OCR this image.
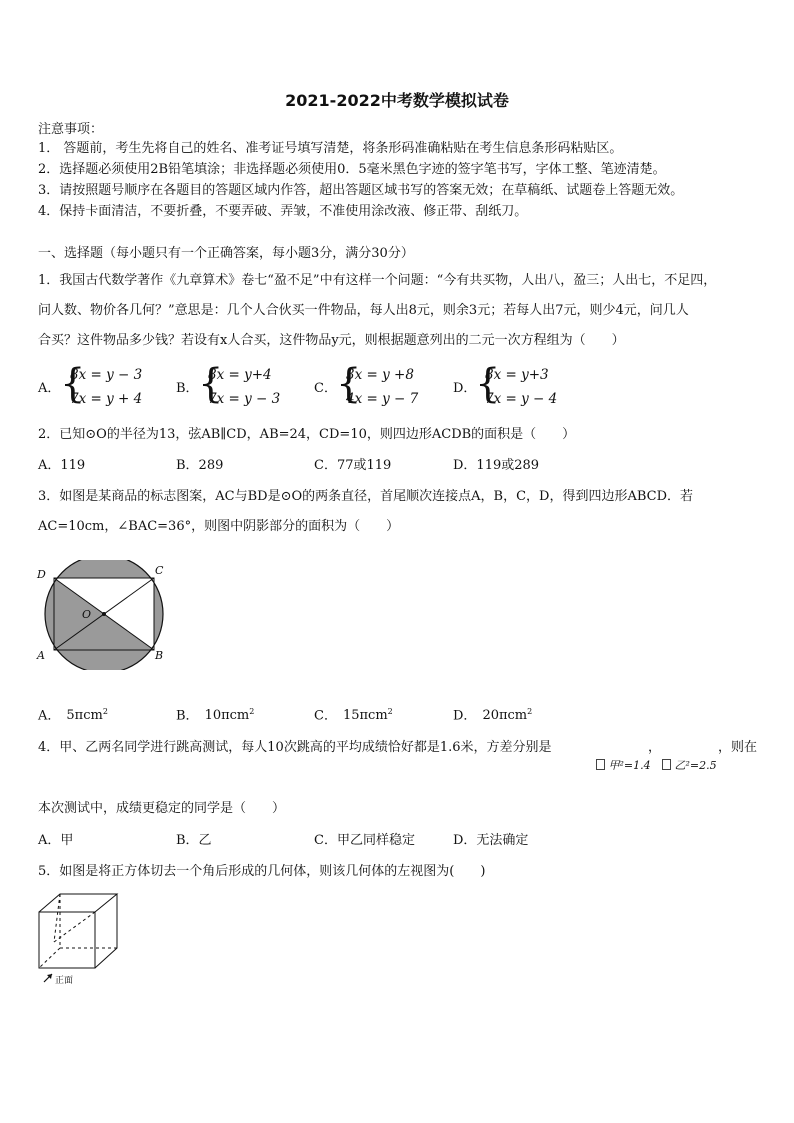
2021-2022中考数学模拟试卷
注意事项：
1． 答题前，考生先将自己的姓名、准考证号填写清楚，将条形码准确粘贴在考生信息条形码粘贴区。
2．选择题必须使用2B铅笔填涂；非选择题必须使用0．5毫米黑色字迹的签字笔书写，字体工整、笔迹清楚。
3．请按照题号顺序在各题目的答题区域内作答，超出答题区域书写的答案无效；在草稿纸、试题卷上答题无效。
4．保持卡面清洁，不要折叠，不要弄破、弄皱，不准使用涂改液、修正带、刮纸刀。
一、选择题（每小题只有一个正确答案，每小题3分，满分30分）
1．我国古代数学著作《九章算术》卷七“盈不足”中有这样一个问题：“今有共买物，人出八，盈三；人出七，不足四，
问人数、物价各几何？”意思是：几个人合伙买一件物品，每人出8元，则余3元；若每人出7元，则少4元，问几人
合买？这件物品多少钱？若设有x人合买，这件物品y元，则根据题意列出的二元一次方程组为（　　）
A． {
8x = y − 3
7x = y + 4
B． {
8x = y+4
7x = y − 3
C． {
3x = y +8
4x = y − 7
D．
{
8x = y+3
7x = y − 4
2．已知⊙O的半径为13，弦AB∥CD，AB=24，CD=10，则四边形ACDB的面积是（　　）
A．119	B．289	C．77或119	D．119或289
3．如图是某商品的标志图案，AC与BD是⊙O的两条直径，首尾顺次连接点A，B，C，D，得到四边形ABCD．若
AC=10cm，∠BAC=36°，则图中阴影部分的面积为（　　）
D	C
O
A	B
A． 5πcm$^2$	B． 10πcm$^2$	C． 15πcm$^2$	D． 20πcm$^2$
4．甲、乙两名同学进行跳高测试，每人10次跳高的平均成绩恰好都是1.6米，方差分别是	，	，则在
甲²=1.4	乙²=2.5
本次测试中，成绩更稳定的同学是（　　）
A．甲	B．乙	C．甲乙同样稳定	D．无法确定
5．如图是将正方体切去一个角后形成的几何体，则该几何体的左视图为(　　)
正面
